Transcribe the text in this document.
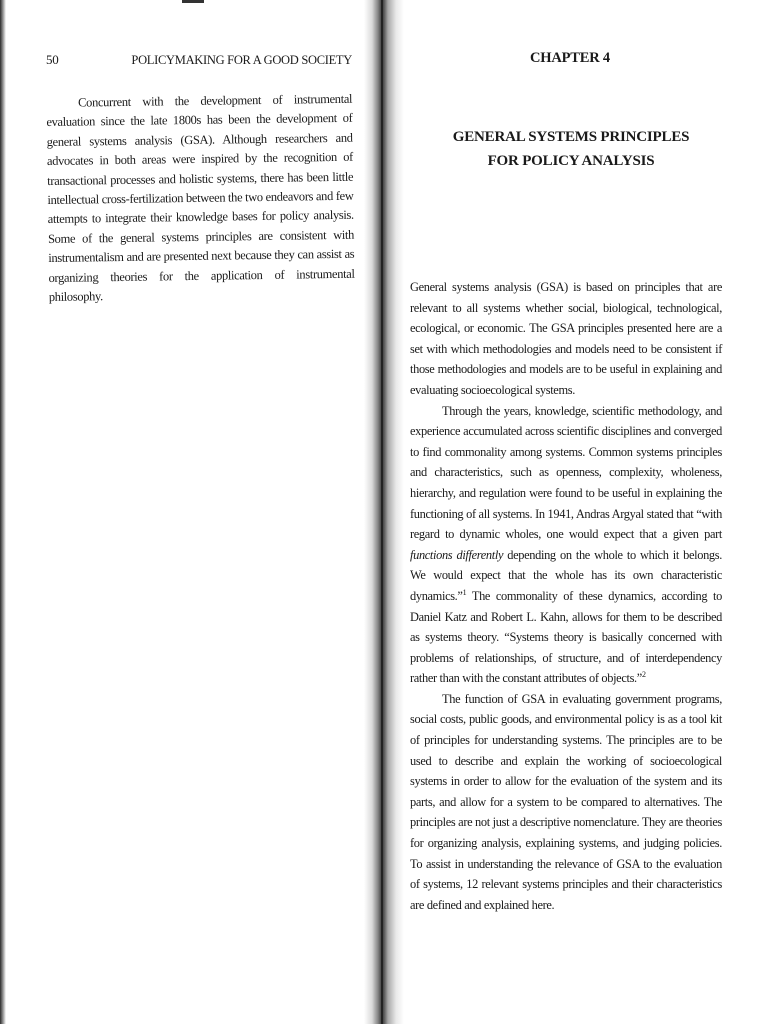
50	POLICYMAKING FOR A GOOD SOCIETY

Concurrent with the development of instrumental evaluation since the late 1800s has been the development of general systems analysis (GSA). Although researchers and advocates in both areas were inspired by the recognition of transactional processes and holistic systems, there has been little intellectual cross-fertilization between the two endeavors and few attempts to integrate their knowledge bases for policy analysis. Some of the general systems principles are consistent with instrumentalism and are presented next because they can assist as organizing theories for the application of instrumental philosophy.

CHAPTER 4
GENERAL SYSTEMS PRINCIPLES
FOR POLICY ANALYSIS

General systems analysis (GSA) is based on principles that are relevant to all systems whether social, biological, technological, ecological, or economic. The GSA principles presented here are a set with which methodologies and models need to be consistent if those methodologies and models are to be useful in explaining and evaluating socioecological systems.

Through the years, knowledge, scientific methodology, and experience accumulated across scientific disciplines and converged to find commonality among systems. Common systems principles and characteristics, such as openness, complexity, wholeness, hierarchy, and regulation were found to be useful in explaining the functioning of all systems. In 1941, Andras Argyal stated that “with regard to dynamic wholes, one would expect that a given part functions differently depending on the whole to which it belongs. We would expect that the whole has its own characteristic dynamics.”$^1$ The commonality of these dynamics, according to Daniel Katz and Robert L. Kahn, allows for them to be described as systems theory. “Systems theory is basically concerned with problems of relationships, of structure, and of interdependency rather than with the constant attributes of objects.”$^2$

The function of GSA in evaluating government programs, social costs, public goods, and environmental policy is as a tool kit of principles for understanding systems. The principles are to be used to describe and explain the working of socioecological systems in order to allow for the evaluation of the system and its parts, and allow for a system to be compared to alternatives. The principles are not just a descriptive nomenclature. They are theories for organizing analysis, explaining systems, and judging policies. To assist in understanding the relevance of GSA to the evaluation of systems, 12 relevant systems principles and their characteristics are defined and explained here.
